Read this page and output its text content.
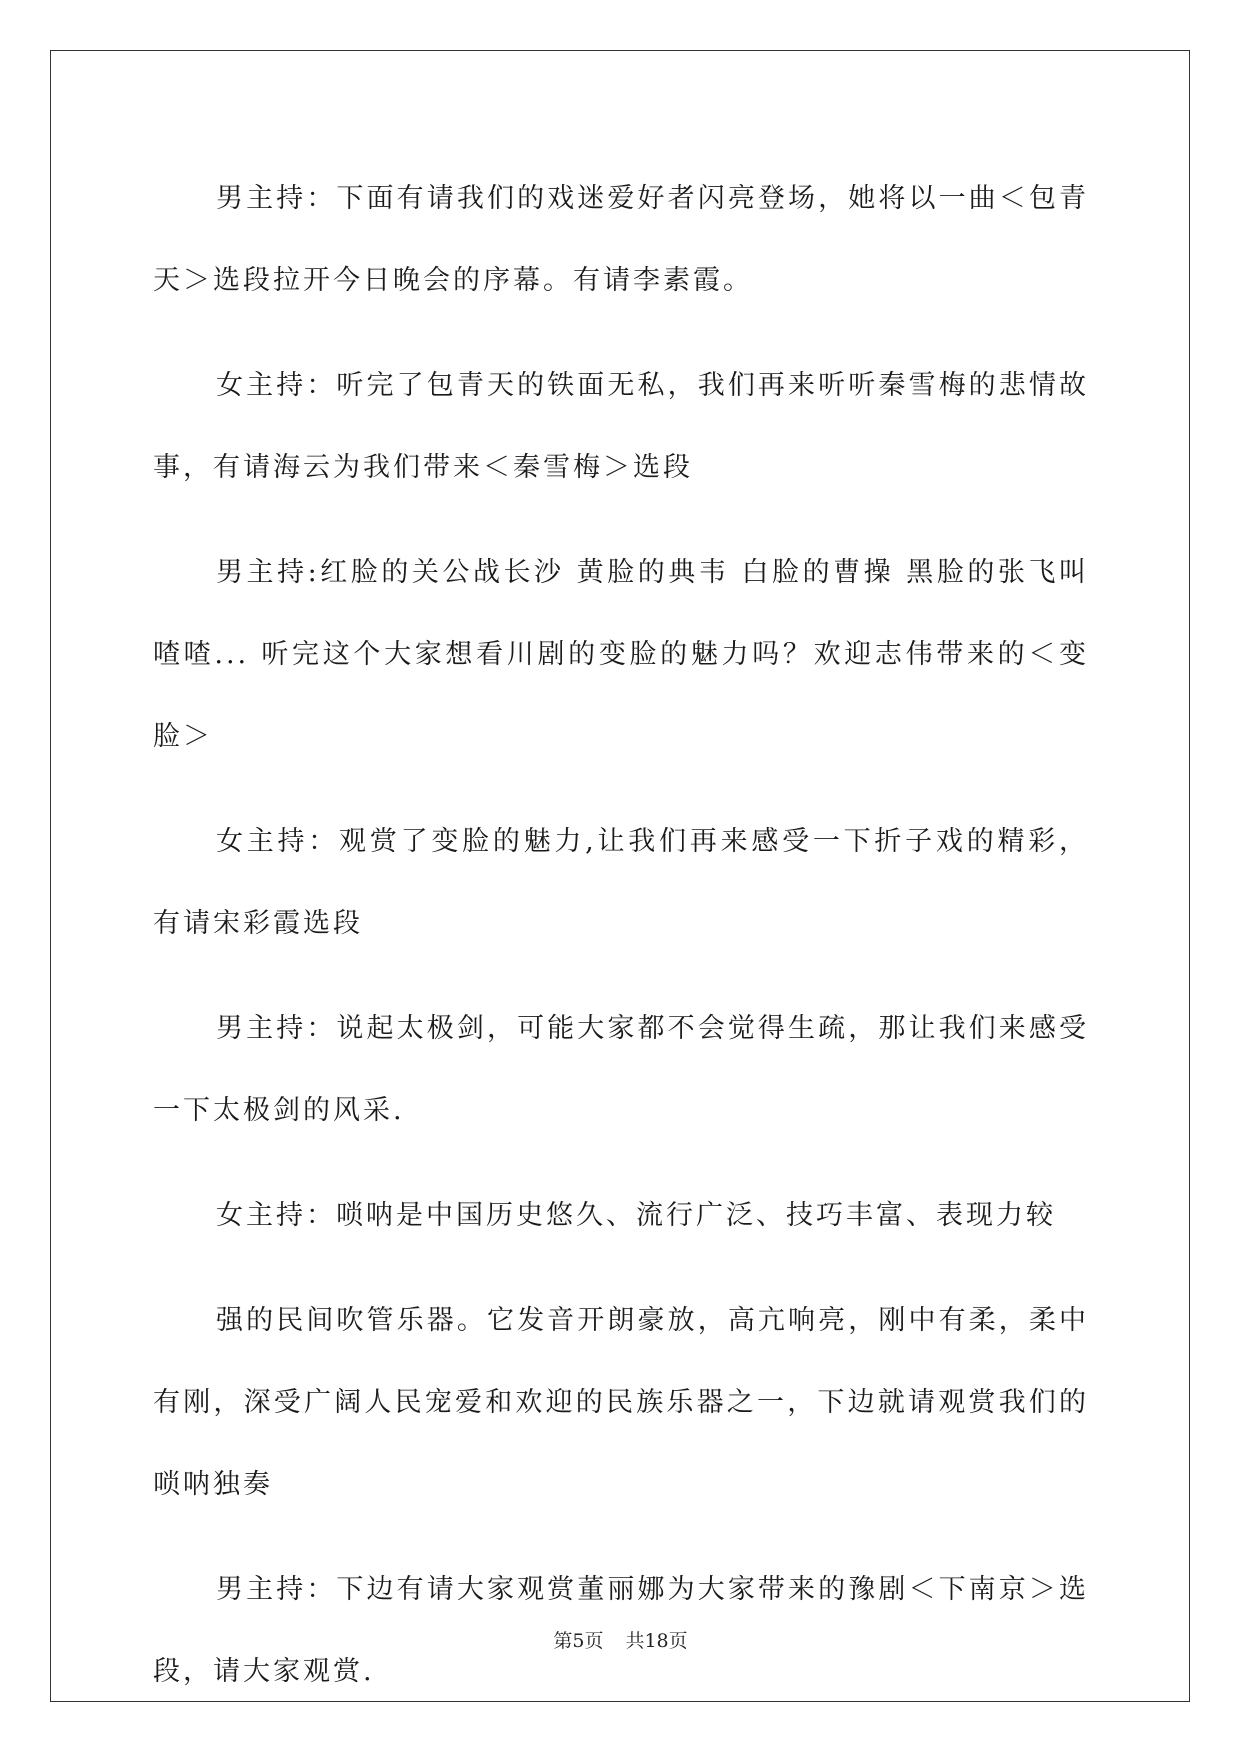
男主持：下面有请我们的戏迷爱好者闪亮登场，她将以一曲＜包青天＞选段拉开今日晚会的序幕。有请李素霞。

女主持：听完了包青天的铁面无私，我们再来听听秦雪梅的悲情故事，有请海云为我们带来＜秦雪梅＞选段

男主持:红脸的关公战长沙 黄脸的典韦 白脸的曹操 黑脸的张飞叫喳喳... 听完这个大家想看川剧的变脸的魅力吗？欢迎志伟带来的＜变脸＞

女主持：观赏了变脸的魅力,让我们再来感受一下折子戏的精彩，有请宋彩霞选段

男主持：说起太极剑，可能大家都不会觉得生疏，那让我们来感受一下太极剑的风采.

女主持：唢呐是中国历史悠久、流行广泛、技巧丰富、表现力较

强的民间吹管乐器。它发音开朗豪放，高亢响亮，刚中有柔，柔中有刚，深受广阔人民宠爱和欢迎的民族乐器之一，下边就请观赏我们的唢呐独奏

男主持：下边有请大家观赏董丽娜为大家带来的豫剧＜下南京＞选段，请大家观赏.

第5页 共18页
